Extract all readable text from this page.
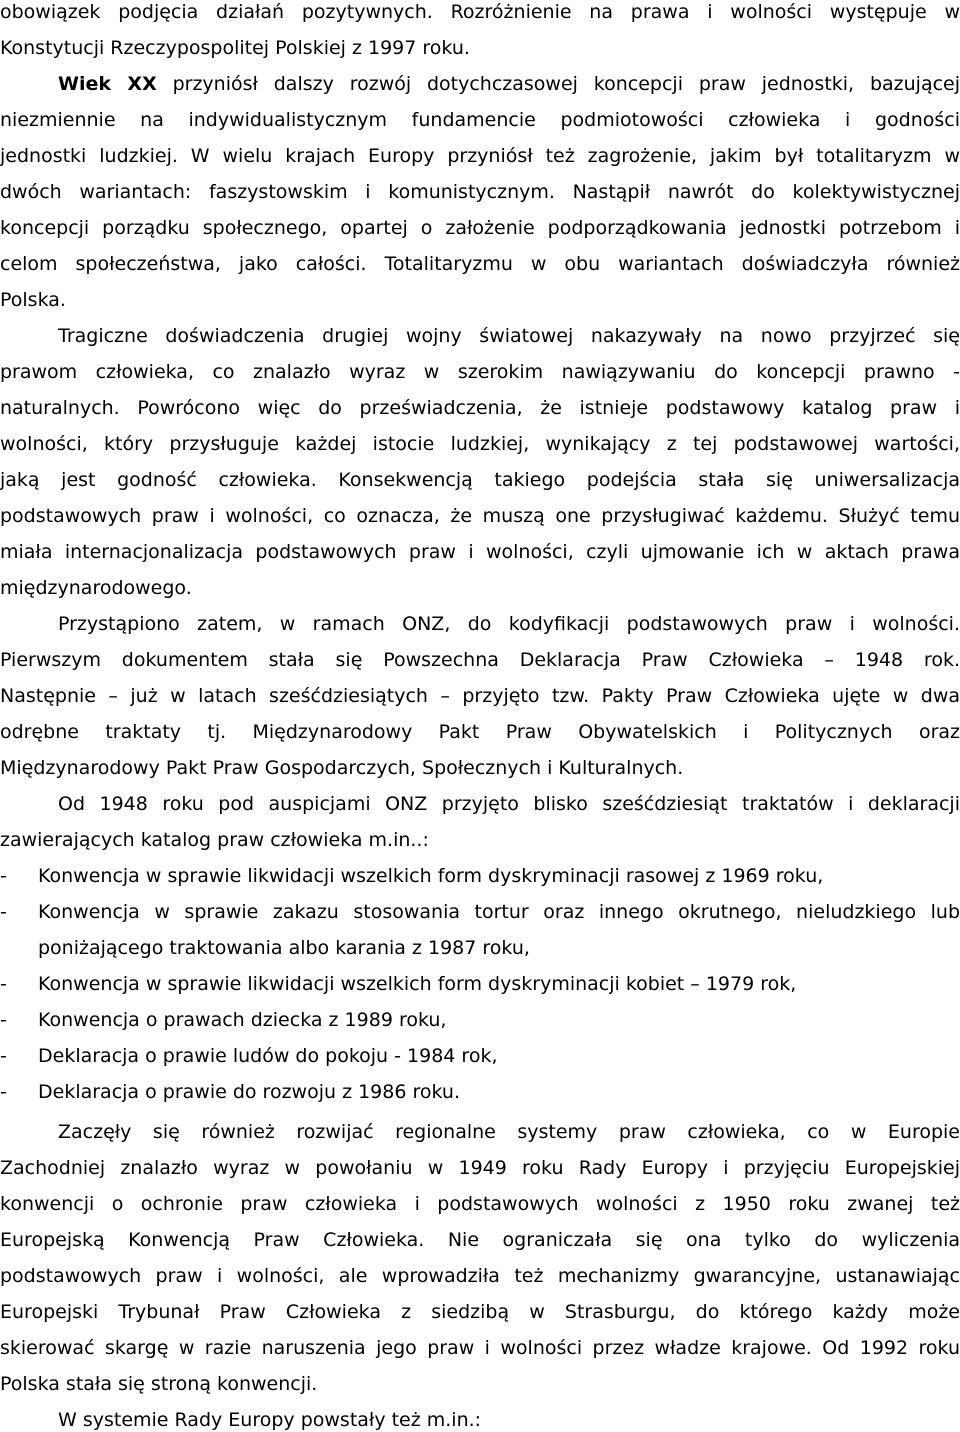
obowiązek podjęcia działań pozytywnych. Rozróżnienie na prawa i wolności występuje w
Konstytucji Rzeczypospolitej Polskiej z 1997 roku.
Wiek XX przyniósł dalszy rozwój dotychczasowej koncepcji praw jednostki, bazującej
niezmiennie na indywidualistycznym fundamencie podmiotowości człowieka i godności
jednostki ludzkiej. W wielu krajach Europy przyniósł też zagrożenie, jakim był totalitaryzm w
dwóch wariantach: faszystowskim i komunistycznym. Nastąpił nawrót do kolektywistycznej
koncepcji porządku społecznego, opartej o założenie podporządkowania jednostki potrzebom i
celom społeczeństwa, jako całości. Totalitaryzmu w obu wariantach doświadczyła również
Polska.
Tragiczne doświadczenia drugiej wojny światowej nakazywały na nowo przyjrzeć się
prawom człowieka, co znalazło wyraz w szerokim nawiązywaniu do koncepcji prawno -
naturalnych. Powrócono więc do przeświadczenia, że istnieje podstawowy katalog praw i
wolności, który przysługuje każdej istocie ludzkiej, wynikający z tej podstawowej wartości,
jaką jest godność człowieka. Konsekwencją takiego podejścia stała się uniwersalizacja
podstawowych praw i wolności, co oznacza, że muszą one przysługiwać każdemu. Służyć temu
miała internacjonalizacja podstawowych praw i wolności, czyli ujmowanie ich w aktach prawa
międzynarodowego.
Przystąpiono zatem, w ramach ONZ, do kodyfikacji podstawowych praw i wolności.
Pierwszym dokumentem stała się Powszechna Deklaracja Praw Człowieka – 1948 rok.
Następnie – już w latach sześćdziesiątych – przyjęto tzw. Pakty Praw Człowieka ujęte w dwa
odrębne traktaty tj. Międzynarodowy Pakt Praw Obywatelskich i Politycznych oraz
Międzynarodowy Pakt Praw Gospodarczych, Społecznych i Kulturalnych.
Od 1948 roku pod auspicjami ONZ przyjęto blisko sześćdziesiąt traktatów i deklaracji
zawierających katalog praw człowieka m.in..:
- Konwencja w sprawie likwidacji wszelkich form dyskryminacji rasowej z 1969 roku,
- Konwencja w sprawie zakazu stosowania tortur oraz innego okrutnego, nieludzkiego lub
poniżającego traktowania albo karania z 1987 roku,
- Konwencja w sprawie likwidacji wszelkich form dyskryminacji kobiet – 1979 rok,
- Konwencja o prawach dziecka z 1989 roku,
- Deklaracja o prawie ludów do pokoju - 1984 rok,
- Deklaracja o prawie do rozwoju z 1986 roku.
Zaczęły się również rozwijać regionalne systemy praw człowieka, co w Europie
Zachodniej znalazło wyraz w powołaniu w 1949 roku Rady Europy i przyjęciu Europejskiej
konwencji o ochronie praw człowieka i podstawowych wolności z 1950 roku zwanej też
Europejską Konwencją Praw Człowieka. Nie ograniczała się ona tylko do wyliczenia
podstawowych praw i wolności, ale wprowadziła też mechanizmy gwarancyjne, ustanawiając
Europejski Trybunał Praw Człowieka z siedzibą w Strasburgu, do którego każdy może
skierować skargę w razie naruszenia jego praw i wolności przez władze krajowe. Od 1992 roku
Polska stała się stroną konwencji.
W systemie Rady Europy powstały też m.in.:
